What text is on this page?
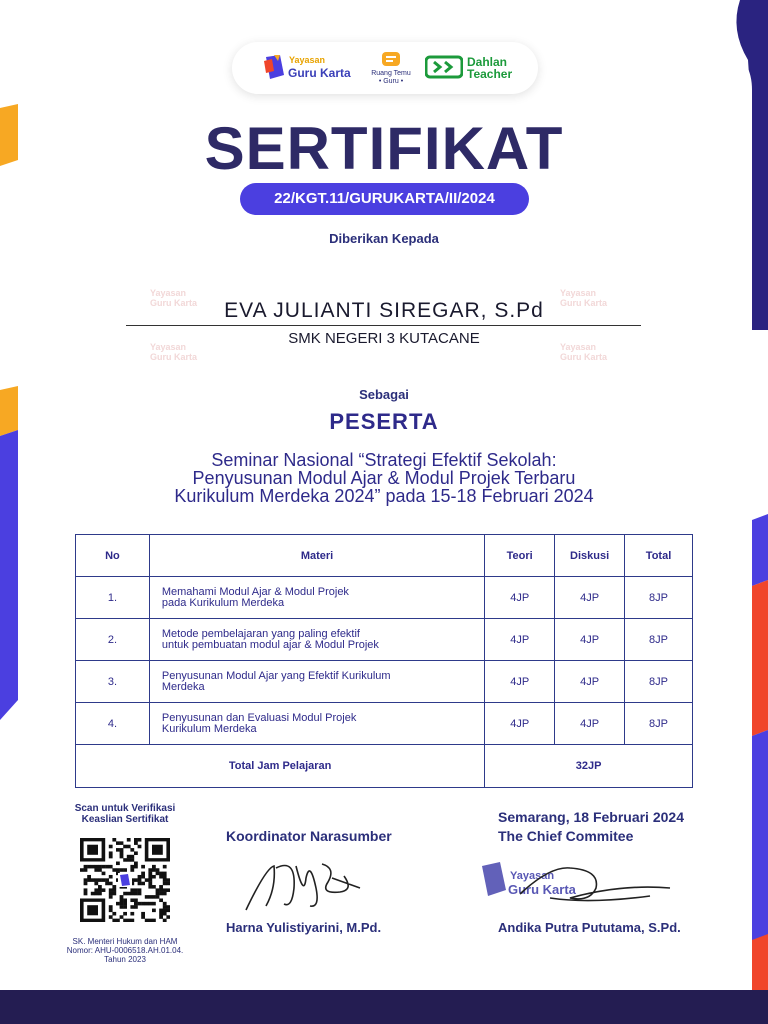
Yayasan
Guru Karta	Ruang Temu
• Guru •
Dahlan
Teacher
SERTIFIKAT
22/KGT.11/GURUKARTA/II/2024
Diberikan Kepada
Yayasan
Guru Karta
Yayasan
Guru Karta
Yayasan
Guru Karta
Yayasan
Guru Karta
EVA JULIANTI SIREGAR, S.Pd
SMK NEGERI 3 KUTACANE
Sebagai
PESERTA
Seminar Nasional “Strategi Efektif Sekolah:
Penyusunan Modul Ajar & Modul Projek Terbaru
Kurikulum Merdeka 2024” pada 15-18 Februari 2024
No	Materi	Teori	Diskusi	Total
1.	Memahami Modul Ajar & Modul Projek
pada Kurikulum Merdeka	4JP	4JP	8JP
2.	Metode pembelajaran yang paling efektif
untuk pembuatan modul ajar & Modul Projek	4JP	4JP	8JP
3.	Penyusunan Modul Ajar yang Efektif Kurikulum
Merdeka	4JP	4JP	8JP
4.	Penyusunan dan Evaluasi Modul Projek
Kurikulum Merdeka	4JP	4JP	8JP
Total Jam Pelajaran		32JP		
Scan untuk Verifikasi
Keaslian Sertifikat
SK. Menteri Hukum dan HAM
Nomor: AHU-0006518.AH.01.04.
Tahun 2023
Koordinator Narasumber
Harna Yulistiyarini, M.Pd.
Semarang, 18 Februari 2024
The Chief Commitee
Yayasan
Guru Karta
Andika Putra Pututama, S.Pd.
